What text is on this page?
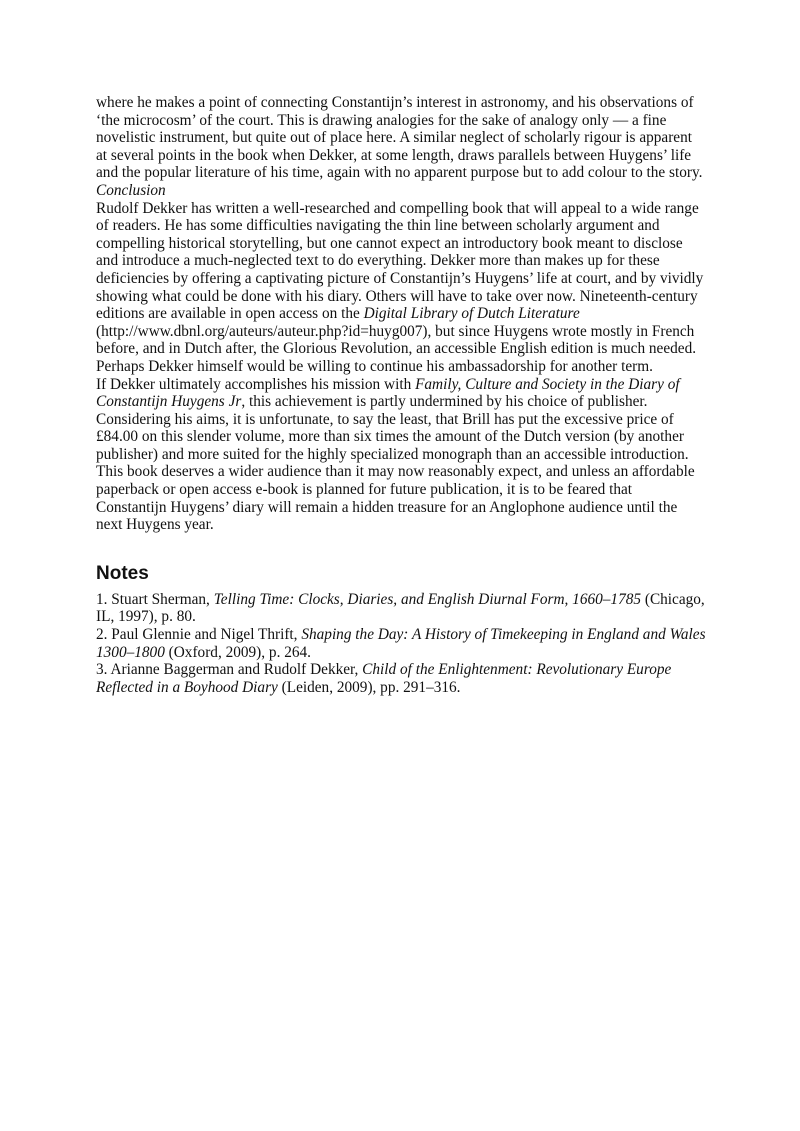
where he makes a point of connecting Constantijn’s interest in astronomy, and his observations of ‘the microcosm’ of the court. This is drawing analogies for the sake of analogy only — a fine novelistic instrument, but quite out of place here. A similar neglect of scholarly rigour is apparent at several points in the book when Dekker, at some length, draws parallels between Huygens’ life and the popular literature of his time, again with no apparent purpose but to add colour to the story.

Conclusion

Rudolf Dekker has written a well-researched and compelling book that will appeal to a wide range of readers. He has some difficulties navigating the thin line between scholarly argument and compelling historical storytelling, but one cannot expect an introductory book meant to disclose and introduce a much-neglected text to do everything. Dekker more than makes up for these deficiencies by offering a captivating picture of Constantijn’s Huygens’ life at court, and by vividly showing what could be done with his diary. Others will have to take over now. Nineteenth-century editions are available in open access on the Digital Library of Dutch Literature (http://www.dbnl.org/auteurs/auteur.php?id=huyg007), but since Huygens wrote mostly in French before, and in Dutch after, the Glorious Revolution, an accessible English edition is much needed. Perhaps Dekker himself would be willing to continue his ambassadorship for another term.

If Dekker ultimately accomplishes his mission with Family, Culture and Society in the Diary of Constantijn Huygens Jr, this achievement is partly undermined by his choice of publisher. Considering his aims, it is unfortunate, to say the least, that Brill has put the excessive price of £84.00 on this slender volume, more than six times the amount of the Dutch version (by another publisher) and more suited for the highly specialized monograph than an accessible introduction. This book deserves a wider audience than it may now reasonably expect, and unless an affordable paperback or open access e-book is planned for future publication, it is to be feared that Constantijn Huygens’ diary will remain a hidden treasure for an Anglophone audience until the next Huygens year.

Notes

1. Stuart Sherman, Telling Time: Clocks, Diaries, and English Diurnal Form, 1660–1785 (Chicago, IL, 1997), p. 80.

2. Paul Glennie and Nigel Thrift, Shaping the Day: A History of Timekeeping in England and Wales 1300–1800 (Oxford, 2009), p. 264.

3. Arianne Baggerman and Rudolf Dekker, Child of the Enlightenment: Revolutionary Europe Reflected in a Boyhood Diary (Leiden, 2009), pp. 291–316.
